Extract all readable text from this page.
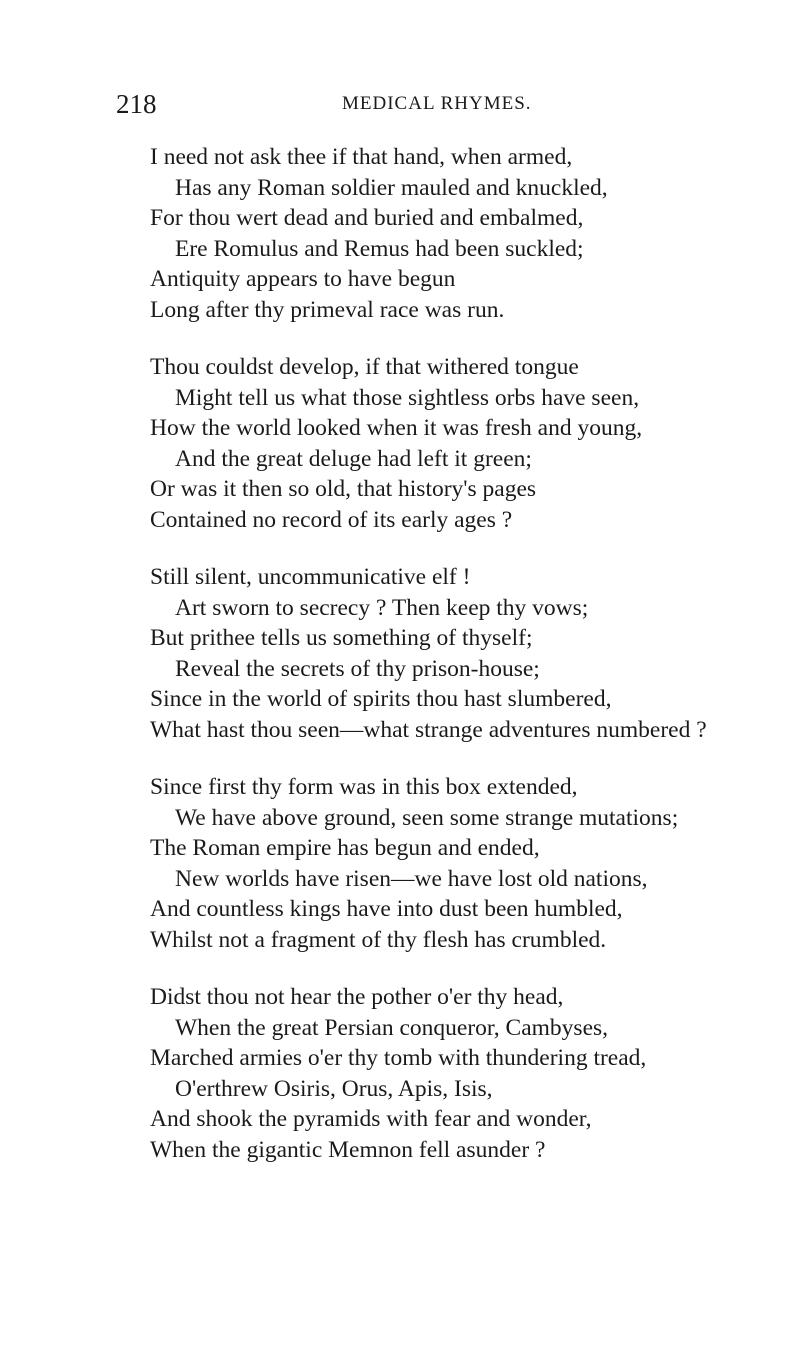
218	MEDICAL RHYMES.
I need not ask thee if that hand, when armed,
Has any Roman soldier mauled and knuckled,
For thou wert dead and buried and embalmed,
Ere Romulus and Remus had been suckled;
Antiquity appears to have begun
Long after thy primeval race was run.
Thou couldst develop, if that withered tongue
Might tell us what those sightless orbs have seen,
How the world looked when it was fresh and young,
And the great deluge had left it green;
Or was it then so old, that history's pages
Contained no record of its early ages ?
Still silent, uncommunicative elf !
Art sworn to secrecy ? Then keep thy vows;
But prithee tells us something of thyself;
Reveal the secrets of thy prison-house;
Since in the world of spirits thou hast slumbered,
What hast thou seen—what strange adventures numbered ?
Since first thy form was in this box extended,
We have above ground, seen some strange mutations;
The Roman empire has begun and ended,
New worlds have risen—we have lost old nations,
And countless kings have into dust been humbled,
Whilst not a fragment of thy flesh has crumbled.
Didst thou not hear the pother o'er thy head,
When the great Persian conqueror, Cambyses,
Marched armies o'er thy tomb with thundering tread,
O'erthrew Osiris, Orus, Apis, Isis,
And shook the pyramids with fear and wonder,
When the gigantic Memnon fell asunder ?
